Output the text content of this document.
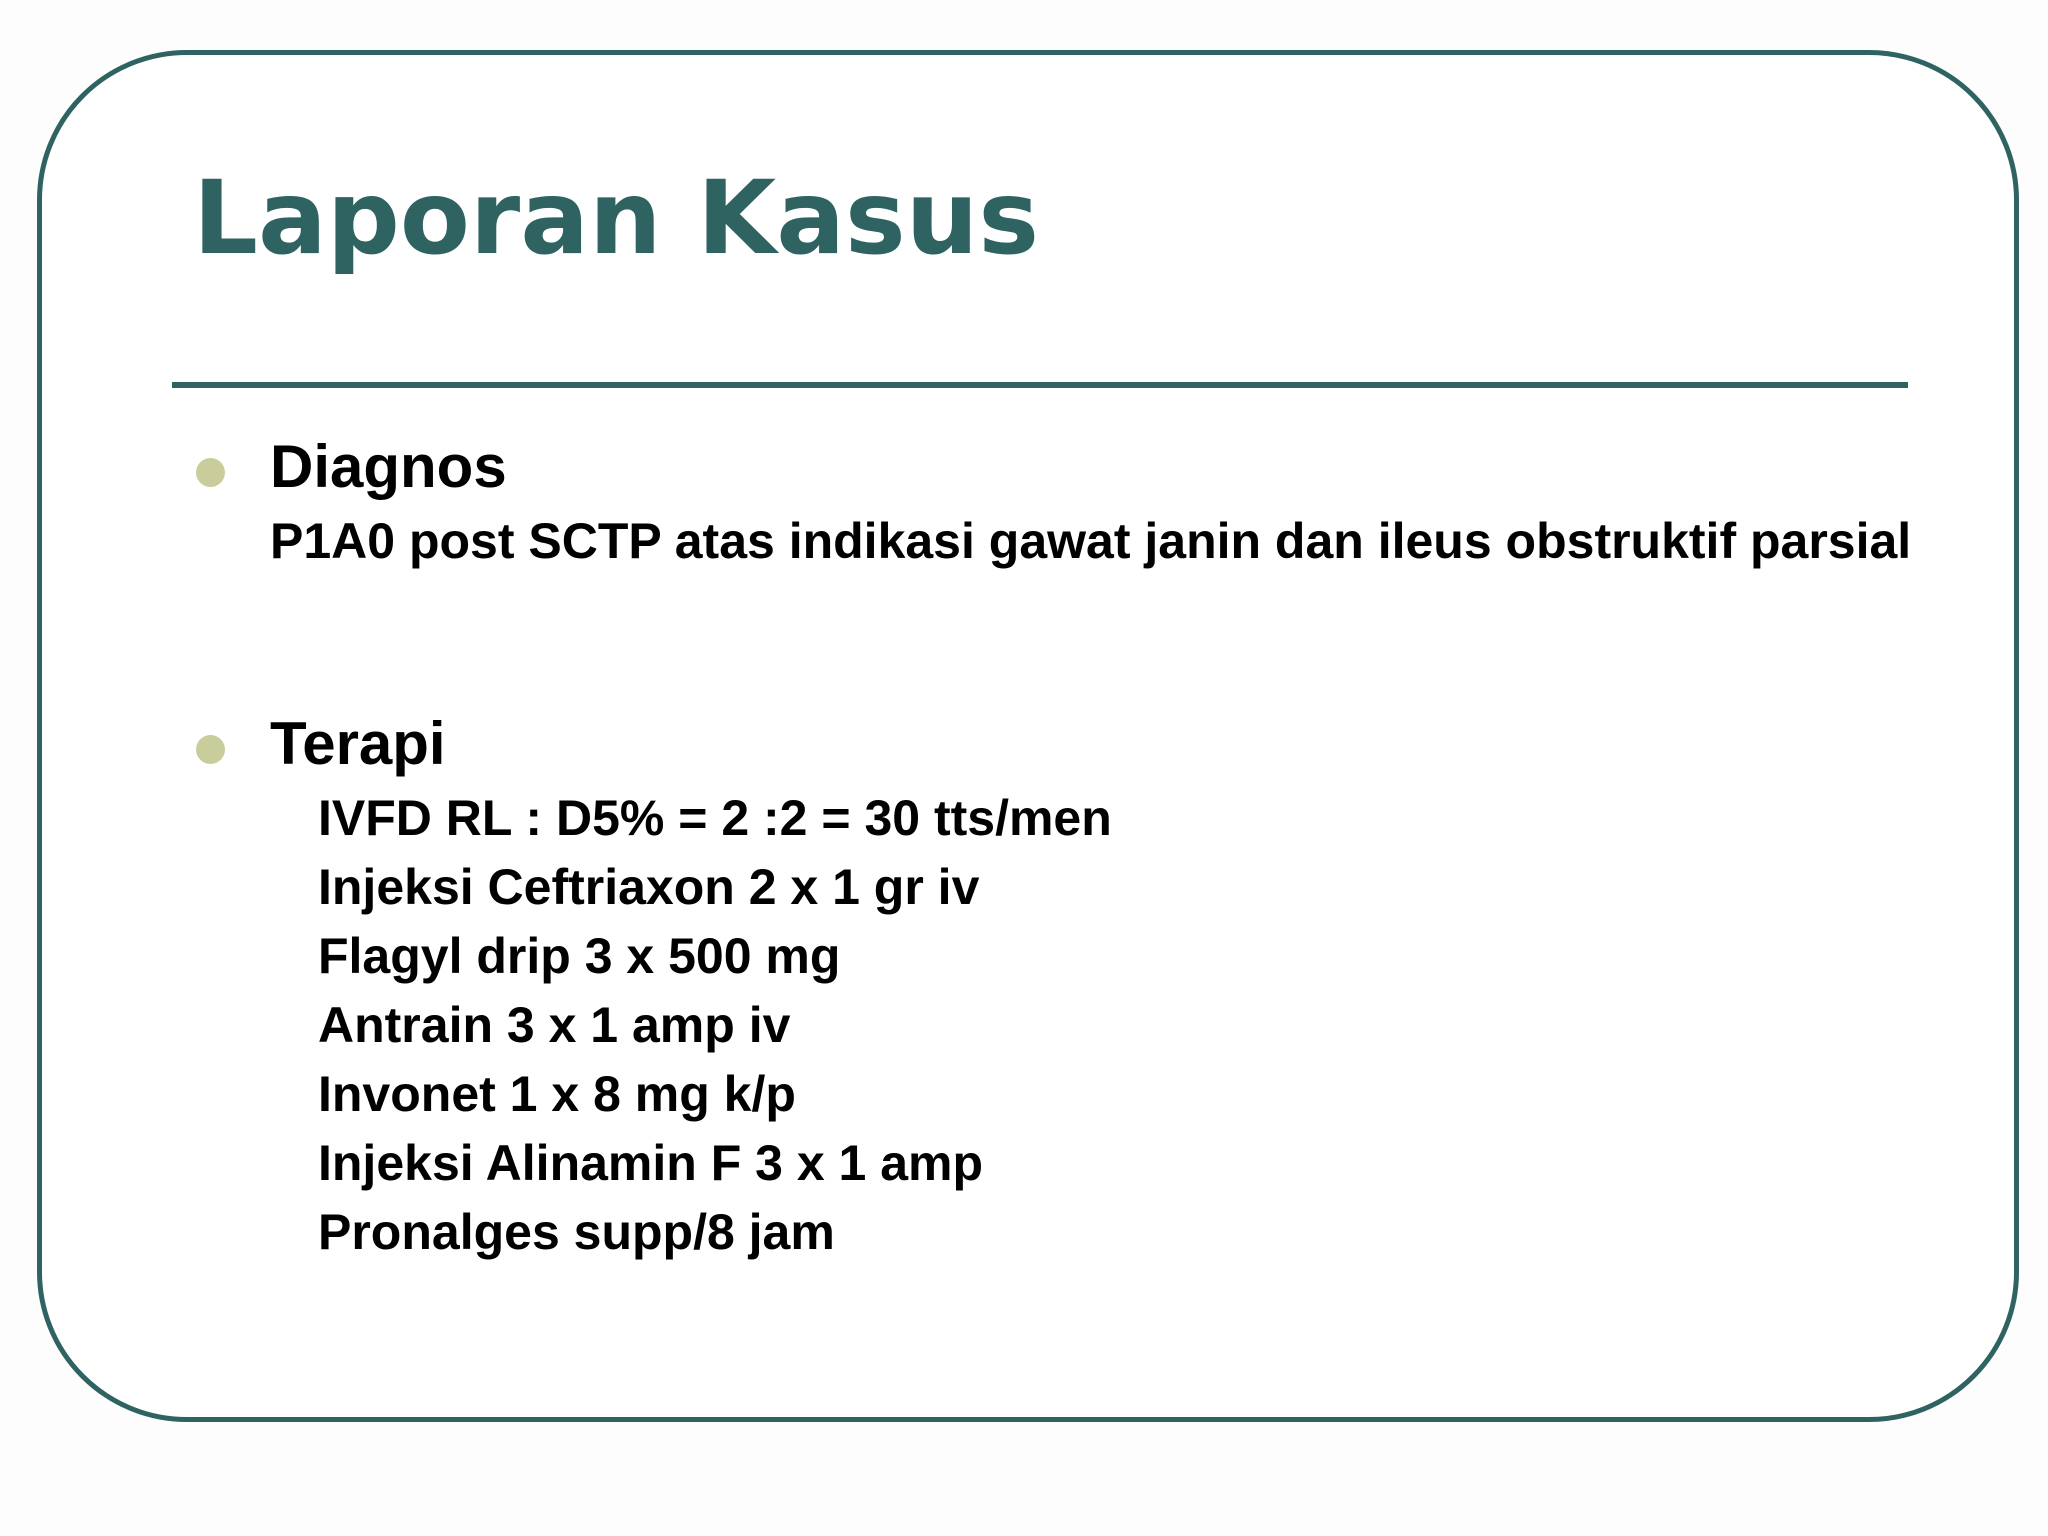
Laporan Kasus
Diagnos

P1A0 post SCTP atas indikasi gawat janin dan ileus obstruktif parsial

Terapi
IVFD RL : D5% = 2 :2 = 30 tts/men
Injeksi Ceftriaxon 2 x 1 gr iv
Flagyl drip 3 x 500 mg
Antrain 3 x 1 amp iv
Invonet 1 x 8 mg k/p
Injeksi Alinamin F 3 x 1 amp
Pronalges supp/8 jam
